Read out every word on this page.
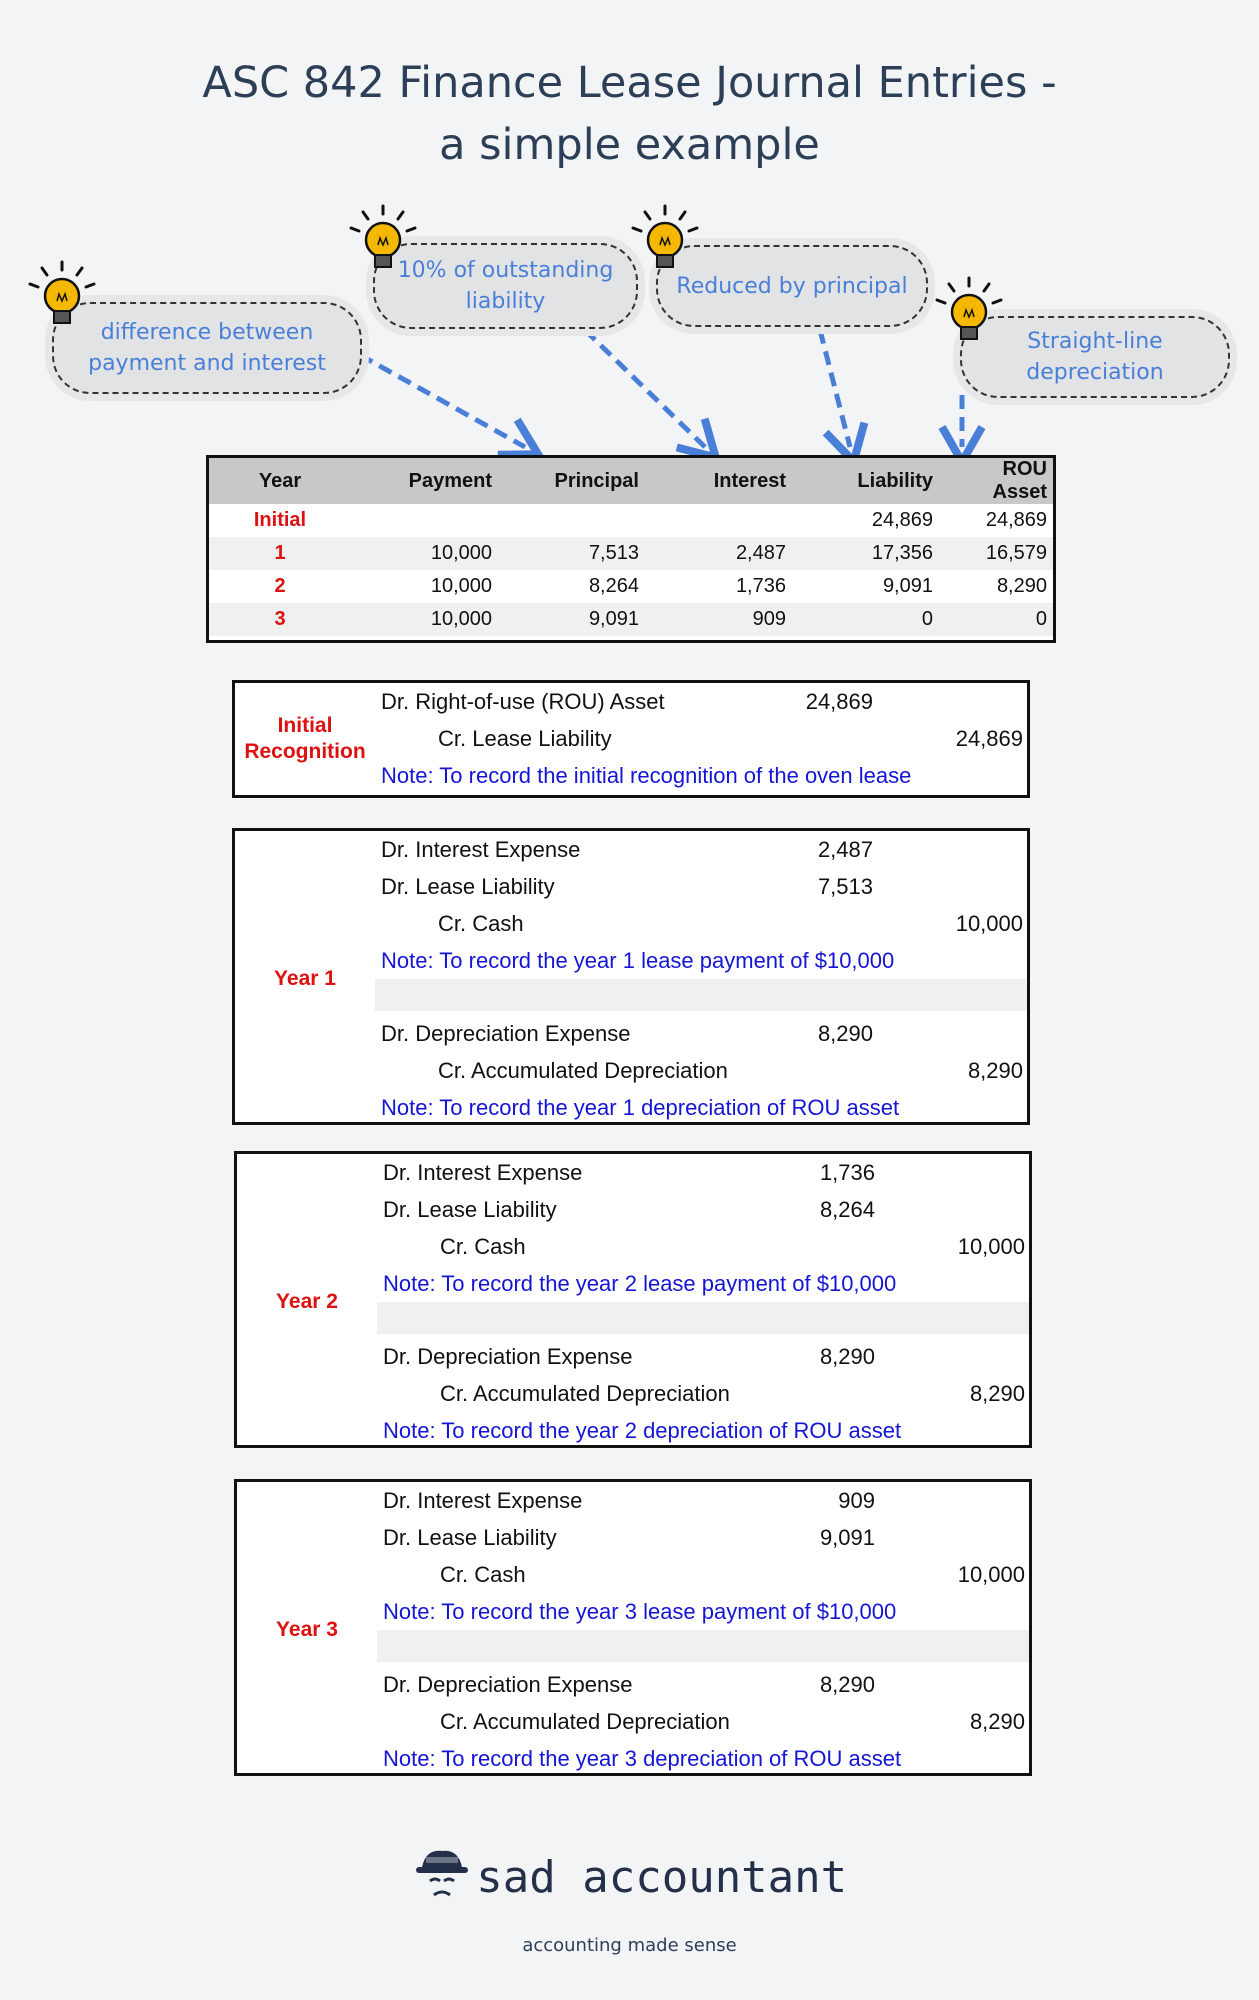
ASC 842 Finance Lease Journal Entries -
a simple example
difference between payment and interest
10% of outstanding liability
Reduced by principal
Straight-line depreciation
Year	Payment	Principal	Interest	Liability	ROU Asset
Initial				24,869	24,869
1	10,000	7,513	2,487	17,356	16,579
2	10,000	8,264	1,736	9,091	8,290
3	10,000	9,091	909	0	0
Initial Recognition
Dr. Right-of-use (ROU) Asset	24,869
Cr. Lease Liability	24,869
Note: To record the initial recognition of the oven lease
Year 1
Dr. Interest Expense	2,487
Dr. Lease Liability	7,513
Cr. Cash	10,000
Note: To record the year 1 lease payment of $10,000
Dr. Depreciation Expense	8,290
Cr. Accumulated Depreciation	8,290
Note: To record the year 1 depreciation of ROU asset
Year 2
Dr. Interest Expense	1,736
Dr. Lease Liability	8,264
Cr. Cash	10,000
Note: To record the year 2 lease payment of $10,000
Dr. Depreciation Expense	8,290
Cr. Accumulated Depreciation	8,290
Note: To record the year 2 depreciation of ROU asset
Year 3
Dr. Interest Expense	909
Dr. Lease Liability	9,091
Cr. Cash	10,000
Note: To record the year 3 lease payment of $10,000
Dr. Depreciation Expense	8,290
Cr. Accumulated Depreciation	8,290
Note: To record the year 3 depreciation of ROU asset
sad accountant
accounting made sense
